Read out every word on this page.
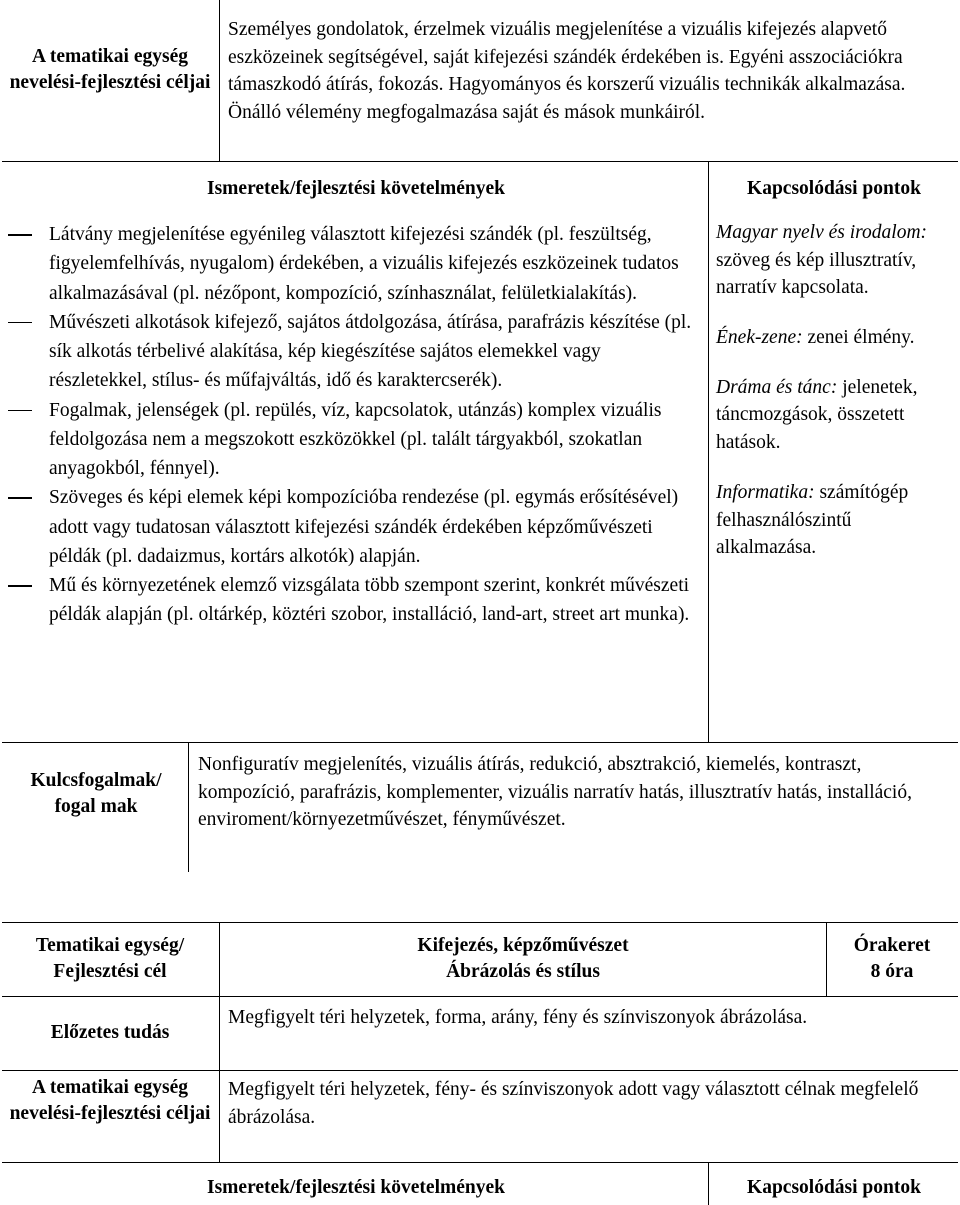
A tematikai egység nevelési-fejlesztési céljai
Személyes gondolatok, érzelmek vizuális megjelenítése a vizuális kifejezés alapvető eszközeinek segítségével, saját kifejezési szándék érdekében is. Egyéni asszociációkra támaszkodó átírás, fokozás. Hagyományos és korszerű vizuális technikák alkalmazása. Önálló vélemény megfogalmazása saját és mások munkáiról.
Ismeretek/fejlesztési követelmények	Kapcsolódási pontok
Látvány megjelenítése egyénileg választott kifejezési szándék (pl. feszültség, figyelemfelhívás, nyugalom) érdekében, a vizuális kifejezés eszközeinek tudatos alkalmazásával (pl. nézőpont, kompozíció, színhasználat, felületkialakítás).
Művészeti alkotások kifejező, sajátos átdolgozása, átírása, parafrázis készítése (pl. sík alkotás térbelivé alakítása, kép kiegészítése sajátos elemekkel vagy részletekkel, stílus- és műfajváltás, idő és karaktercserék).
Fogalmak, jelenségek (pl. repülés, víz, kapcsolatok, utánzás) komplex vizuális feldolgozása nem a megszokott eszközökkel (pl. talált tárgyakból, szokatlan anyagokból, fénnyel).
Szöveges és képi elemek képi kompozícióba rendezése (pl. egymás erősítésével) adott vagy tudatosan választott kifejezési szándék érdekében képzőművészeti példák (pl. dadaizmus, kortárs alkotók) alapján.
Mű és környezetének elemző vizsgálata több szempont szerint, konkrét művészeti példák alapján (pl. oltárkép, köztéri szobor, installáció, land-art, street art munka).

Magyar nyelv és irodalom: szöveg és kép illusztratív, narratív kapcsolata.

Ének-zene: zenei élmény.

Dráma és tánc: jelenetek, táncmozgások, összetett hatások.

Informatika: számítógép felhasználószintű alkalmazása.

Kulcsfogalmak/ fogal mak
Nonfiguratív megjelenítés, vizuális átírás, redukció, absztrakció, kiemelés, kontraszt, kompozíció, parafrázis, komplementer, vizuális narratív hatás, illusztratív hatás, installáció, enviroment/környezetművészet, fényművészet.
Tematikai egység/ Fejlesztési cél
Kifejezés, képzőművészet
Ábrázolás és stílus
Órakeret
8 óra
Előzetes tudás
Megfigyelt téri helyzetek, forma, arány, fény és színviszonyok ábrázolása.
A tematikai egység nevelési-fejlesztési céljai
Megfigyelt téri helyzetek, fény- és színviszonyok adott vagy választott célnak megfelelő ábrázolása.
Ismeretek/fejlesztési követelmények	Kapcsolódási pontok
